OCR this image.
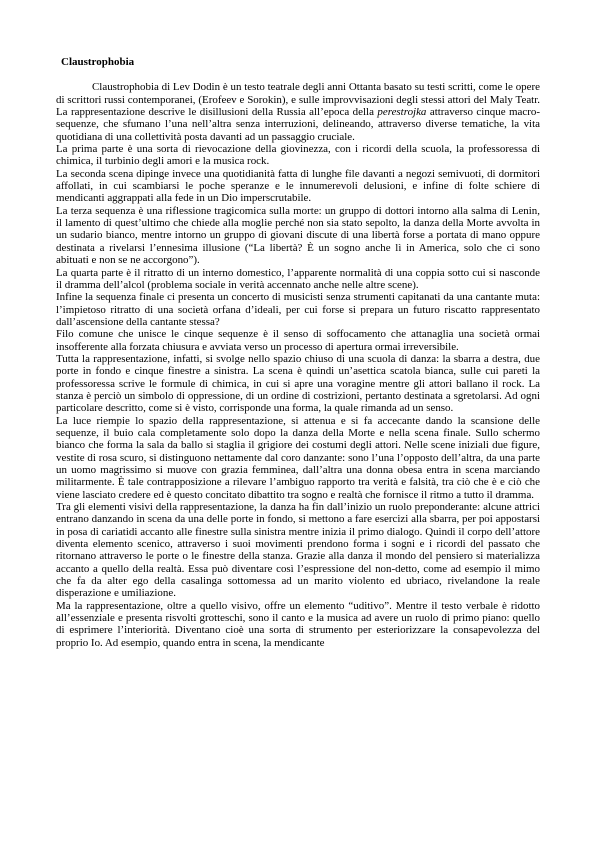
Claustrophobia

Claustrophobia di Lev Dodin è un testo teatrale degli anni Ottanta basato su testi scritti, come le opere di scrittori russi contemporanei, (Erofeev e Sorokin), e sulle improvvisazioni degli stessi attori del Maly Teatr. La rappresentazione descrive le disillusioni della Russia all’epoca della perestrojka attraverso cinque macro-sequenze, che sfumano l’una nell’altra senza interruzioni, delineando, attraverso diverse tematiche, la vita quotidiana di una collettività posta davanti ad un passaggio cruciale.

La prima parte è una sorta di rievocazione della giovinezza, con i ricordi della scuola, la professoressa di chimica, il turbinio degli amori e la musica rock.

La seconda scena dipinge invece una quotidianità fatta di lunghe file davanti a negozi semivuoti, di dormitori affollati, in cui scambiarsi le poche speranze e le innumerevoli delusioni, e infine di folte schiere di mendicanti aggrappati alla fede in un Dio imperscrutabile.

La terza sequenza è una riflessione tragicomica sulla morte: un gruppo di dottori intorno alla salma di Lenin, il lamento di quest’ultimo che chiede alla moglie perché non sia stato sepolto, la danza della Morte avvolta in un sudario bianco, mentre intorno un gruppo di giovani discute di una libertà forse a portata di mano oppure destinata a rivelarsi l’ennesima illusione (“La libertà? È un sogno anche lì in America, solo che ci sono abituati e non se ne accorgono”).

La quarta parte è il ritratto di un interno domestico, l’apparente normalità di una coppia sotto cui si nasconde il dramma dell’alcol (problema sociale in verità accennato anche nelle altre scene).

Infine la sequenza finale ci presenta un concerto di musicisti senza strumenti capitanati da una cantante muta: l’impietoso ritratto di una società orfana d’ideali, per cui forse si prepara un futuro riscatto rappresentato dall’ascensione della cantante stessa?

Filo comune che unisce le cinque sequenze è il senso di soffocamento che attanaglia una società ormai insofferente alla forzata chiusura e avviata verso un processo di apertura ormai irreversibile.

Tutta la rappresentazione, infatti, si svolge nello spazio chiuso di una scuola di danza: la sbarra a destra, due porte in fondo e cinque finestre a sinistra. La scena è quindi un’asettica scatola bianca, sulle cui pareti la professoressa scrive le formule di chimica, in cui si apre una voragine mentre gli attori ballano il rock. La stanza è perciò un simbolo di oppressione, di un ordine di costrizioni, pertanto destinata a sgretolarsi. Ad ogni particolare descritto, come si è visto, corrisponde una forma, la quale rimanda ad un senso.

La luce riempie lo spazio della rappresentazione, si attenua e si fa accecante dando la scansione delle sequenze, il buio cala completamente solo dopo la danza della Morte e nella scena finale. Sullo schermo bianco che forma la sala da ballo si staglia il grigiore dei costumi degli attori. Nelle scene iniziali due figure, vestite di rosa scuro, si distinguono nettamente dal coro danzante: sono l’una l’opposto dell’altra, da una parte un uomo magrissimo si muove con grazia femminea, dall’altra una donna obesa entra in scena marciando militarmente. È tale contrapposizione a rilevare l’ambiguo rapporto tra verità e falsità, tra ciò che è e ciò che viene lasciato credere ed è questo concitato dibattito tra sogno e realtà che fornisce il ritmo a tutto il dramma.

Tra gli elementi visivi della rappresentazione, la danza ha fin dall’inizio un ruolo preponderante: alcune attrici entrano danzando in scena da una delle porte in fondo, si mettono a fare esercizi alla sbarra, per poi appostarsi in posa di cariatidi accanto alle finestre sulla sinistra mentre inizia il primo dialogo. Quindi il corpo dell’attore diventa elemento scenico, attraverso i suoi movimenti prendono forma i sogni e i ricordi del passato che ritornano attraverso le porte o le finestre della stanza. Grazie alla danza il mondo del pensiero si materializza accanto a quello della realtà. Essa può diventare così l’espressione del non-detto, come ad esempio il mimo che fa da alter ego della casalinga sottomessa ad un marito violento ed ubriaco, rivelandone la reale disperazione e umiliazione.

Ma la rappresentazione, oltre a quello visivo, offre un elemento “uditivo”. Mentre il testo verbale è ridotto all’essenziale e presenta risvolti grotteschi, sono il canto e la musica ad avere un ruolo di primo piano: quello di esprimere l’interiorità. Diventano cioè una sorta di strumento per esteriorizzare la consapevolezza del proprio Io. Ad esempio, quando entra in scena, la mendicante
